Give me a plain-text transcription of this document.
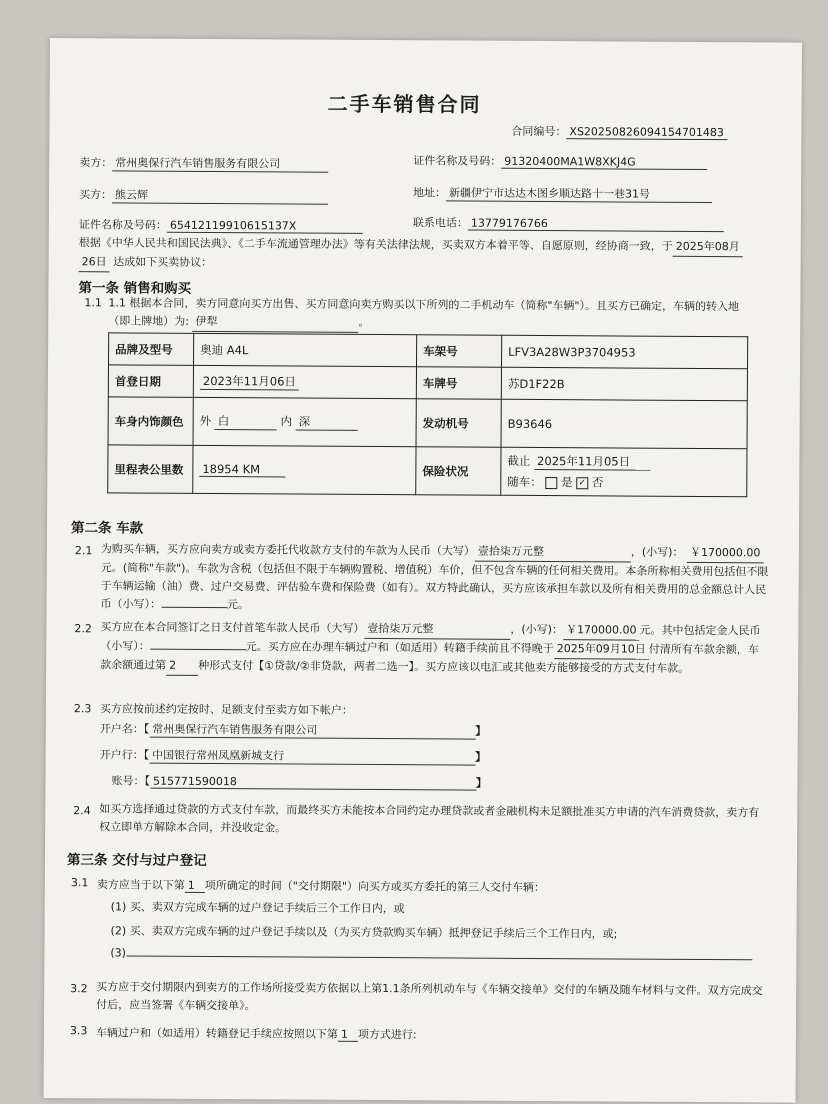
二手车销售合同
合同编号： XS20250826094154701483
卖方： 常州奥保行汽车销售服务有限公司	证件名称及号码： 91320400MA1W8XKJ4G
买方： 熊云辉	地址： 新疆伊宁市达达木图乡顺达路十一巷31号
证件名称及号码： 65412119910615137X	联系电话： 13779176766
根据《中华人民共和国民法典》、《二手车流通管理办法》等有关法律法规，买卖双方本着平等、自愿原则，经协商一致，于 2025年08月
26日 达成如下买卖协议：
第一条 销售和购买
1.1 1.1 根据本合同，卖方同意向买方出售、买方同意向卖方购买以下所列的二手机动车（简称"车辆"）。且买方已确定，车辆的转入地
（即上牌地）为: 伊犁	。
品牌及型号	奥迪 A4L	车架号	LFV3A28W3P3704953
首登日期	2023年11月06日	车牌号	苏D1F22B
车身内饰颜色	外 白 内 深	发动机号	B93646
里程表公里数	18954 KM	保险状况	截止 2025年11月05日
随车： 是 ✓ 否
第二条 车款
2.1 为购买车辆，买方应向卖方或卖方委托代收款方支付的车款为人民币（大写） 壹拾柒万元整	，(小写)： ￥170000.00元。(简称"车款")。车款为含税（包括但不限于车辆购置税、增值税）车价，但不包含车辆的任何相关费用。本条所称相关费用包括但不限于车辆运输（油）费、过户交易费、评估验车费和保险费（如有）。双方特此确认，买方应该承担车款以及所有相关费用的总金额总计人民币（小写）：	元。
2.2 买方应在本合同签订之日支付首笔车款人民币（大写） 壹拾柒万元整	，(小写)： ￥170000.00 元。其中包括定金人民币（小写）：	元。买方应在办理车辆过户和（如适用）转籍手续前且不得晚于 2025年09月10日 付清所有车款余额，车款余额通过第 2 种形式支付【①贷款/②非贷款，两者二选一】。买方应该以电汇或其他卖方能够接受的方式支付车款。
2.3 买方应按前述约定按时、足额支付至卖方如下帐户：
开户名：【 常州奥保行汽车销售服务有限公司	】
开户行：【 中国银行常州凤凰新城支行	】
账号：【 515771590018	】
2.4 如买方选择通过贷款的方式支付车款，而最终买方未能按本合同约定办理贷款或者金融机构未足额批准买方申请的汽车消费贷款，卖方有权立即单方解除本合同，并没收定金。
第三条 交付与过户登记
3.1 卖方应当于以下第 1 项所确定的时间（"交付期限"）向买方或买方委托的第三人交付车辆：
(1) 买、卖双方完成车辆的过户登记手续后三个工作日内，或
(2) 买、卖双方完成车辆的过户登记手续以及（为买方贷款购买车辆）抵押登记手续后三个工作日内，或;
(3)
3.2 买方应于交付期限内到卖方的工作场所接受卖方依据以上第1.1条所列机动车与《车辆交接单》交付的车辆及随车材料与文件。双方完成交付后，应当签署《车辆交接单》。
3.3 车辆过户和（如适用）转籍登记手续应按照以下第 1 项方式进行:
